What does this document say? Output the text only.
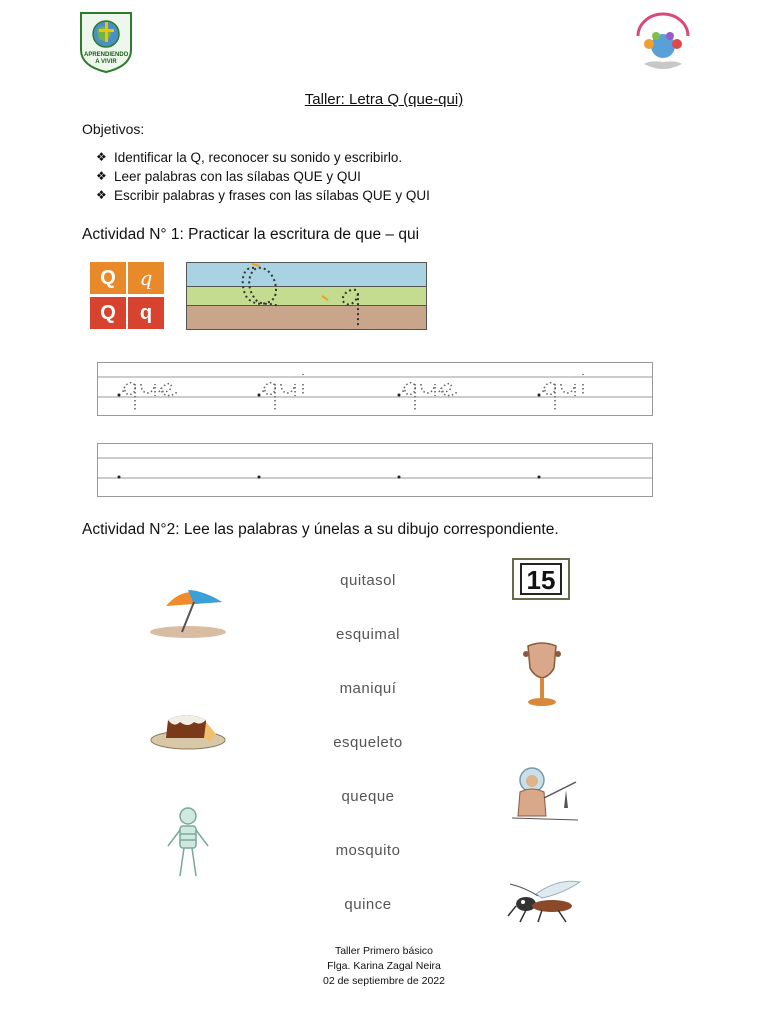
APRENDIENDO A VIVIR
Taller: Letra Q (que-qui)
Objetivos:
❖ Identificar la Q, reconocer su sonido y escribirlo.
❖ Leer palabras con las sílabas QUE y QUI
❖ Escribir palabras y frases con las sílabas QUE y QUI
Actividad N° 1: Practicar la escritura de que – qui
Q	q
Q	q
Actividad N°2: Lee las palabras y únelas a su dibujo correspondiente.
quitasol
esquimal
maniquí
esqueleto
queque
mosquito
quince
15
Taller Primero básico
Flga. Karina Zagal Neira
02 de septiembre de 2022
